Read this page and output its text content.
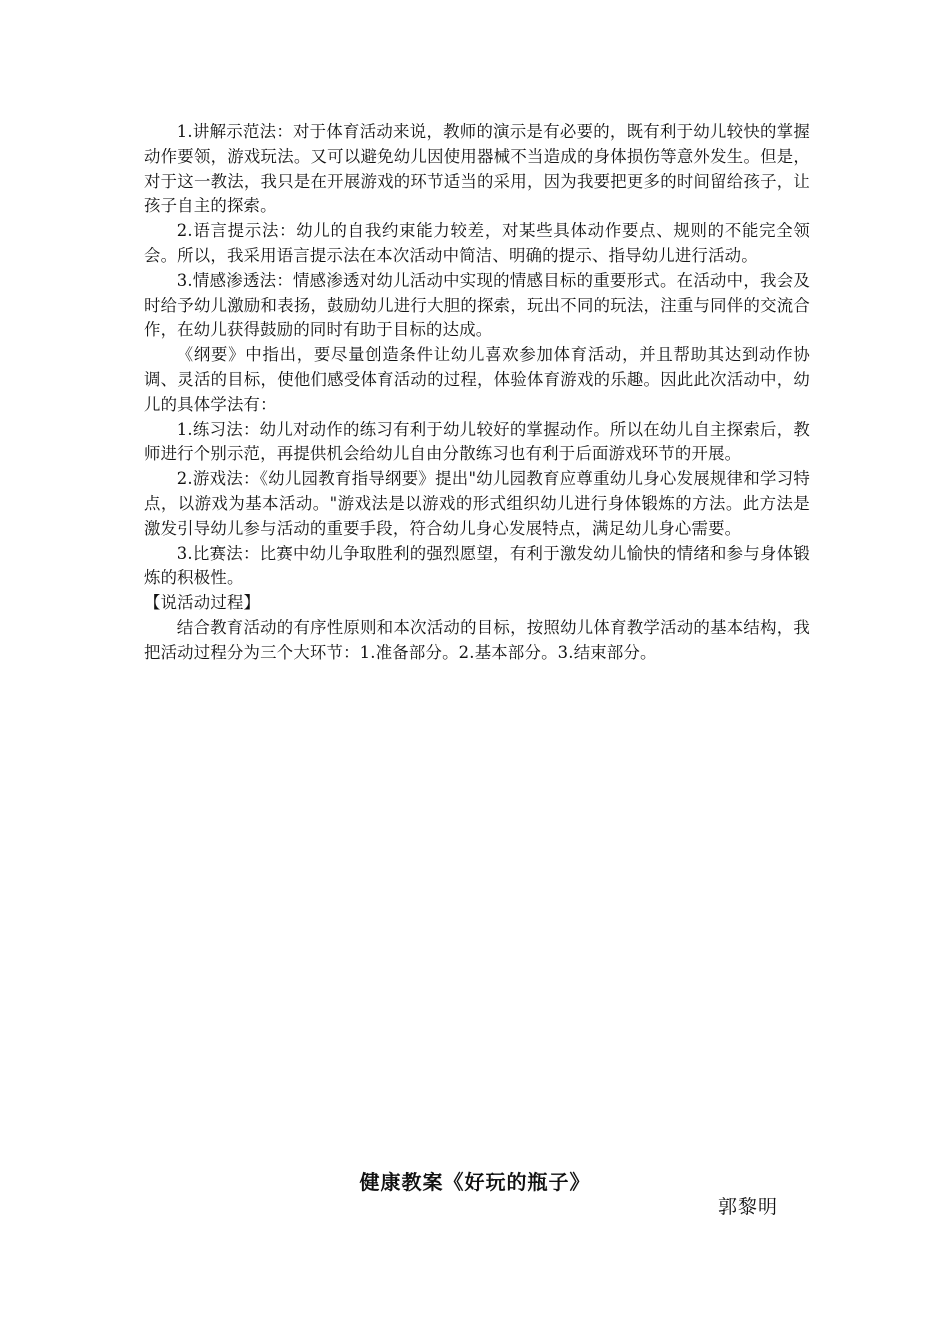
1.讲解示范法：对于体育活动来说，教师的演示是有必要的，既有利于幼儿较快的掌握动作要领，游戏玩法。又可以避免幼儿因使用器械不当造成的身体损伤等意外发生。但是，对于这一教法，我只是在开展游戏的环节适当的采用，因为我要把更多的时间留给孩子，让孩子自主的探索。

2.语言提示法：幼儿的自我约束能力较差，对某些具体动作要点、规则的不能完全领会。所以，我采用语言提示法在本次活动中简洁、明确的提示、指导幼儿进行活动。

3.情感渗透法：情感渗透对幼儿活动中实现的情感目标的重要形式。在活动中，我会及时给予幼儿激励和表扬，鼓励幼儿进行大胆的探索，玩出不同的玩法，注重与同伴的交流合作，在幼儿获得鼓励的同时有助于目标的达成。

《纲要》中指出，要尽量创造条件让幼儿喜欢参加体育活动，并且帮助其达到动作协调、灵活的目标，使他们感受体育活动的过程，体验体育游戏的乐趣。因此此次活动中，幼儿的具体学法有：

1.练习法：幼儿对动作的练习有利于幼儿较好的掌握动作。所以在幼儿自主探索后，教师进行个别示范，再提供机会给幼儿自由分散练习也有利于后面游戏环节的开展。

2.游戏法：《幼儿园教育指导纲要》提出"幼儿园教育应尊重幼儿身心发展规律和学习特点，以游戏为基本活动。"游戏法是以游戏的形式组织幼儿进行身体锻炼的方法。此方法是激发引导幼儿参与活动的重要手段，符合幼儿身心发展特点，满足幼儿身心需要。

3.比赛法：比赛中幼儿争取胜利的强烈愿望，有利于激发幼儿愉快的情绪和参与身体锻炼的积极性。

【说活动过程】

结合教育活动的有序性原则和本次活动的目标，按照幼儿体育教学活动的基本结构，我把活动过程分为三个大环节：1.准备部分。2.基本部分。3.结束部分。

健康教案《好玩的瓶子》

郭黎明
